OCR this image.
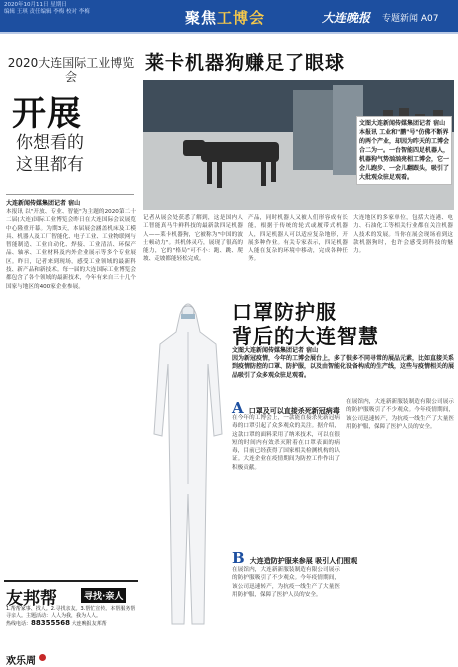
2020年10月11日 星期日
编辑 王琪 责任编辑 李梅 校对 李梅	聚焦工博会	大连晚报 专题新闻 A07
2020大连国际工业博览会
开展
你想看的
这里都有
大连新闻传媒集团记者 宿山
本报讯 以"开放、专业、智能"为主题的2020第二十二届(大连)国际工业博览会昨日在大连国际会议展览中心隆重开幕。为期3天，本届展会涵盖机床及工模具、机器人及工厂智能化、电子工业、工业物联网与智能制造、工业自动化、焊接、工业清洁、环保产品、轴承、工业材料及内外企业展示等多个专业展区。昨日，记者来到现场，感受工业领域的最新科技、新产品和新技术。每一届的大连国际工业博览会都包含了各个领域的最新技术，今年有来自三十几个国家与地区的400家企业参展。
友邦帮	寻找·亲人
1.帮帮家事、找人。2.寻找亲友。3.帮忙宣传。本帮服务帮寻亲人。主题活动：人人为我，我为人人。
热线电话：88355568 大连晚报友邦帮
欢乐周
莱卡机器狗赚足了眼球
文图大连新闻传媒集团记者 宿山 本报讯 工业和"鹏"号"仿佛不断界的两个产业，却因为昨天的工博会合二为一。一台智能四足机器人，机器狗气势汹汹亮相工博会，它一会儿跑步、一会儿翻跟头，吸引了大批观众驻足观看。
记者从展会处获悉了解到，这是国内人工智能真马牛鲜科技的最新款四足机器人——莱卡机器狗，它被称为"中国的波士顿动力"。其机体灵巧，展现了很高的能力，它的"格局"可不小：跑、跳、爬坡、走坡都能轻松完成。
产品，同时机器人又被人们形容成有长能，根据于传统的轮式或履带式机器人，四足机器人可以适应复杂地形，开展多种作业。有关专家表示，四足机器人能在复杂的环境中移动，完成各种任务。
大连地区的多家单位，包括大连港、电力、石油化工等相关行业都在关注机器人技术的发展。当你在展会现场看到这款机器狗时，也许会感受到科技的魅力。
口罩防护服
背后的大连智慧
文图大连新闻传媒集团记者 宿山
因为新冠疫情，今年的工博会展台上，多了很多不同寻常的展品元素，比如直接关系到疫情防控的口罩、防护服，以及由智能化设备构成的生产线，这些与疫情相关的展品吸引了众多观众驻足观看。
A 口罩及可以直接杀死新冠病毒
在今年的工博会上，一款能直接杀死新冠病毒的口罩引起了众多观众的关注。据介绍，这款口罩的面料采用了纳米技术，可以在很短的时间内有效杀灭附着在口罩表面的病毒，目前已经获得了国家相关检测机构的认证。大连企业在疫情期间为防控工作作出了积极贡献。
B 大连造防护服来参展 吸引人们围观
在展馆内，大连新新服装制造有限公司展示的防护服吸引了不少观众。今年疫情期间，该公司迅速转产，为抗疫一线生产了大量医用防护服，保障了医护人员的安全。
在展馆内，大连新新服装制造有限公司展示的防护服吸引了不少观众。今年疫情期间，该公司迅速转产，为抗疫一线生产了大量医用防护服，保障了医护人员的安全。
